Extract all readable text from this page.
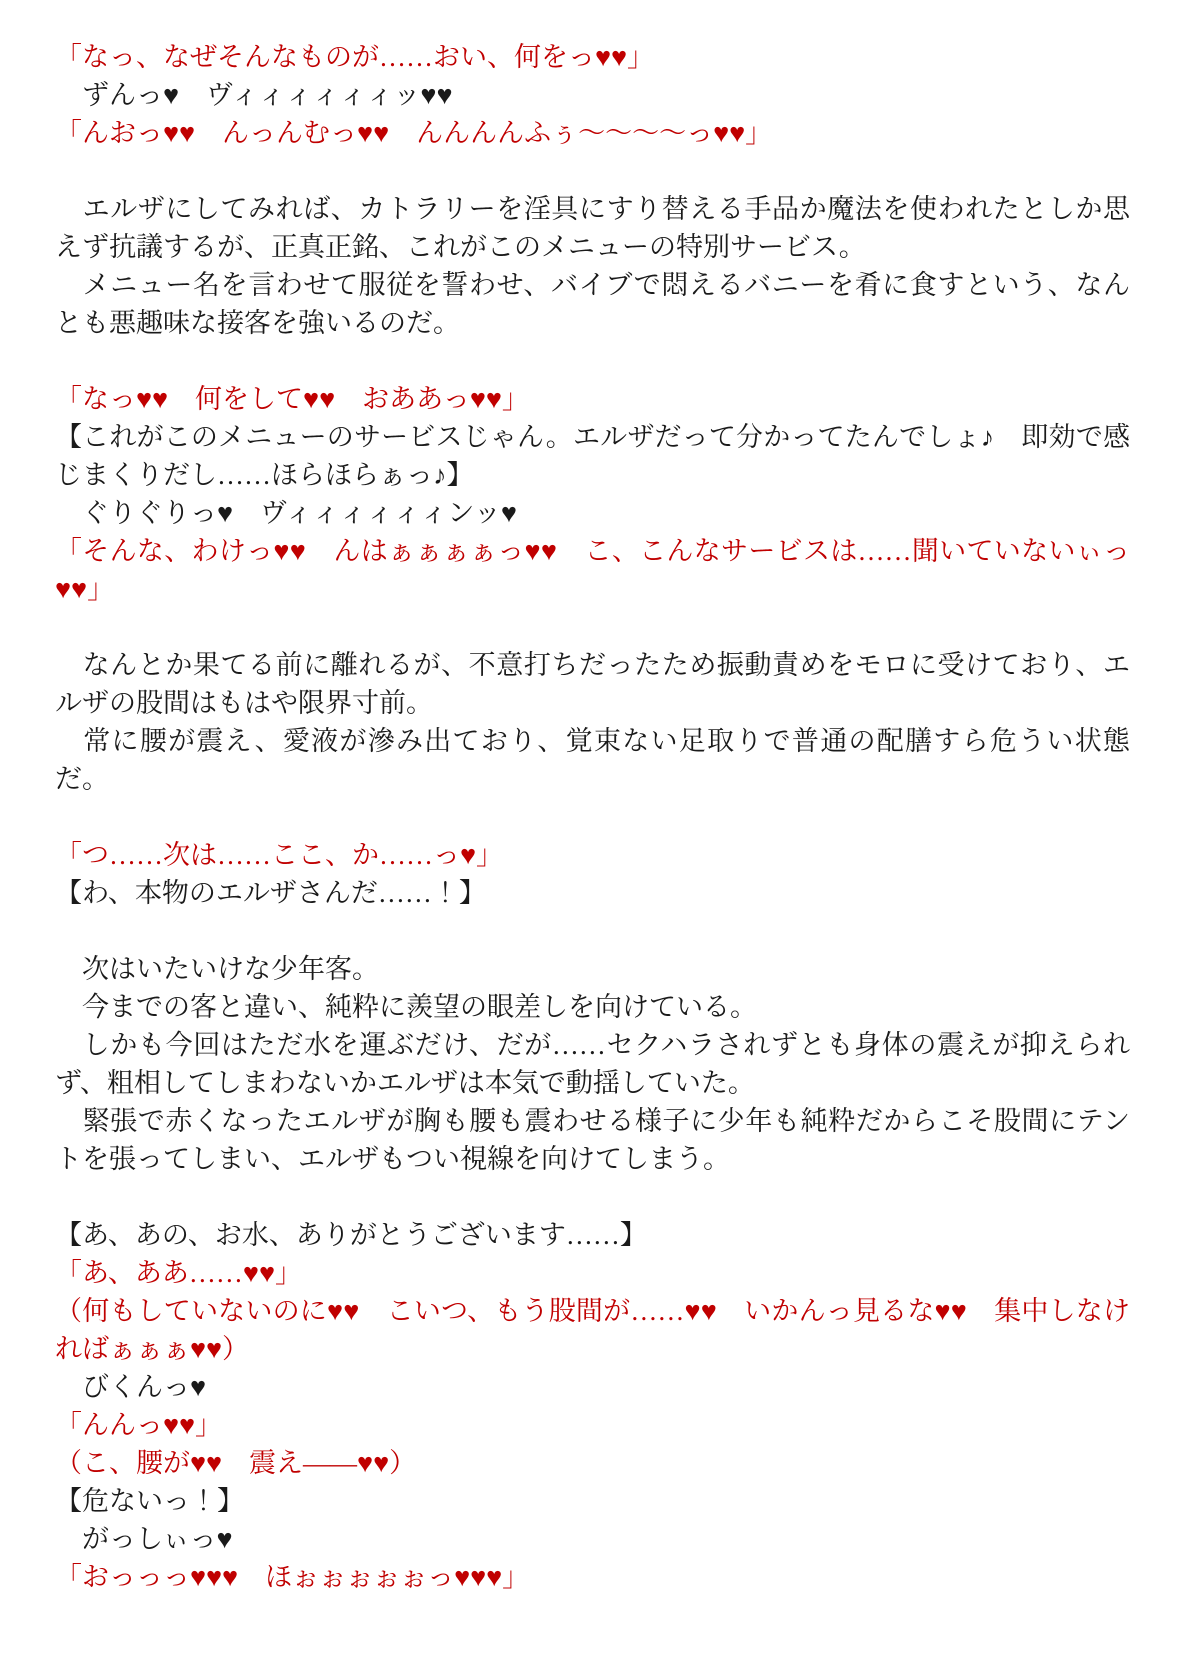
「なっ、なぜそんなものが……おい、何をっ♥♥」

　ずんっ♥　ヴィィィィィィッ♥♥

「んおっ♥♥　んっんむっ♥♥　んんんんふぅ～～～～っ♥♥」

　エルザにしてみれば、カトラリーを淫具にすり替える手品か魔法を使われたとしか思えず抗議するが、正真正銘、これがこのメニューの特別サービス。

　メニュー名を言わせて服従を誓わせ、バイブで悶えるバニーを肴に食すという、なんとも悪趣味な接客を強いるのだ。

「なっ♥♥　何をして♥♥　おああっ♥♥」

【これがこのメニューのサービスじゃん。エルザだって分かってたんでしょ♪　即効で感じまくりだし……ほらほらぁっ♪】

　ぐりぐりっ♥　ヴィィィィィィンッ♥

「そんな、わけっ♥♥　んはぁぁぁぁっ♥♥　こ、こんなサービスは……聞いていないぃっ♥♥」

　なんとか果てる前に離れるが、不意打ちだったため振動責めをモロに受けており、エルザの股間はもはや限界寸前。

　常に腰が震え、愛液が滲み出ており、覚束ない足取りで普通の配膳すら危うい状態だ。

「つ……次は……ここ、か……っ♥」

【わ、本物のエルザさんだ……！】

　次はいたいけな少年客。

　今までの客と違い、純粋に羨望の眼差しを向けている。

　しかも今回はただ水を運ぶだけ、だが……セクハラされずとも身体の震えが抑えられず、粗相してしまわないかエルザは本気で動揺していた。

　緊張で赤くなったエルザが胸も腰も震わせる様子に少年も純粋だからこそ股間にテントを張ってしまい、エルザもつい視線を向けてしまう。

【あ、あの、お水、ありがとうございます……】

「あ、ああ……♥♥」

（何もしていないのに♥♥　こいつ、もう股間が……♥♥　いかんっ見るな♥♥　集中しなければぁぁぁ♥♥）

　びくんっ♥

「んんっ♥♥」

（こ、腰が♥♥　震え——♥♥）

【危ないっ！】

　がっしぃっ♥

「おっっっ♥♥♥　ほぉぉぉぉぉっ♥♥♥」
